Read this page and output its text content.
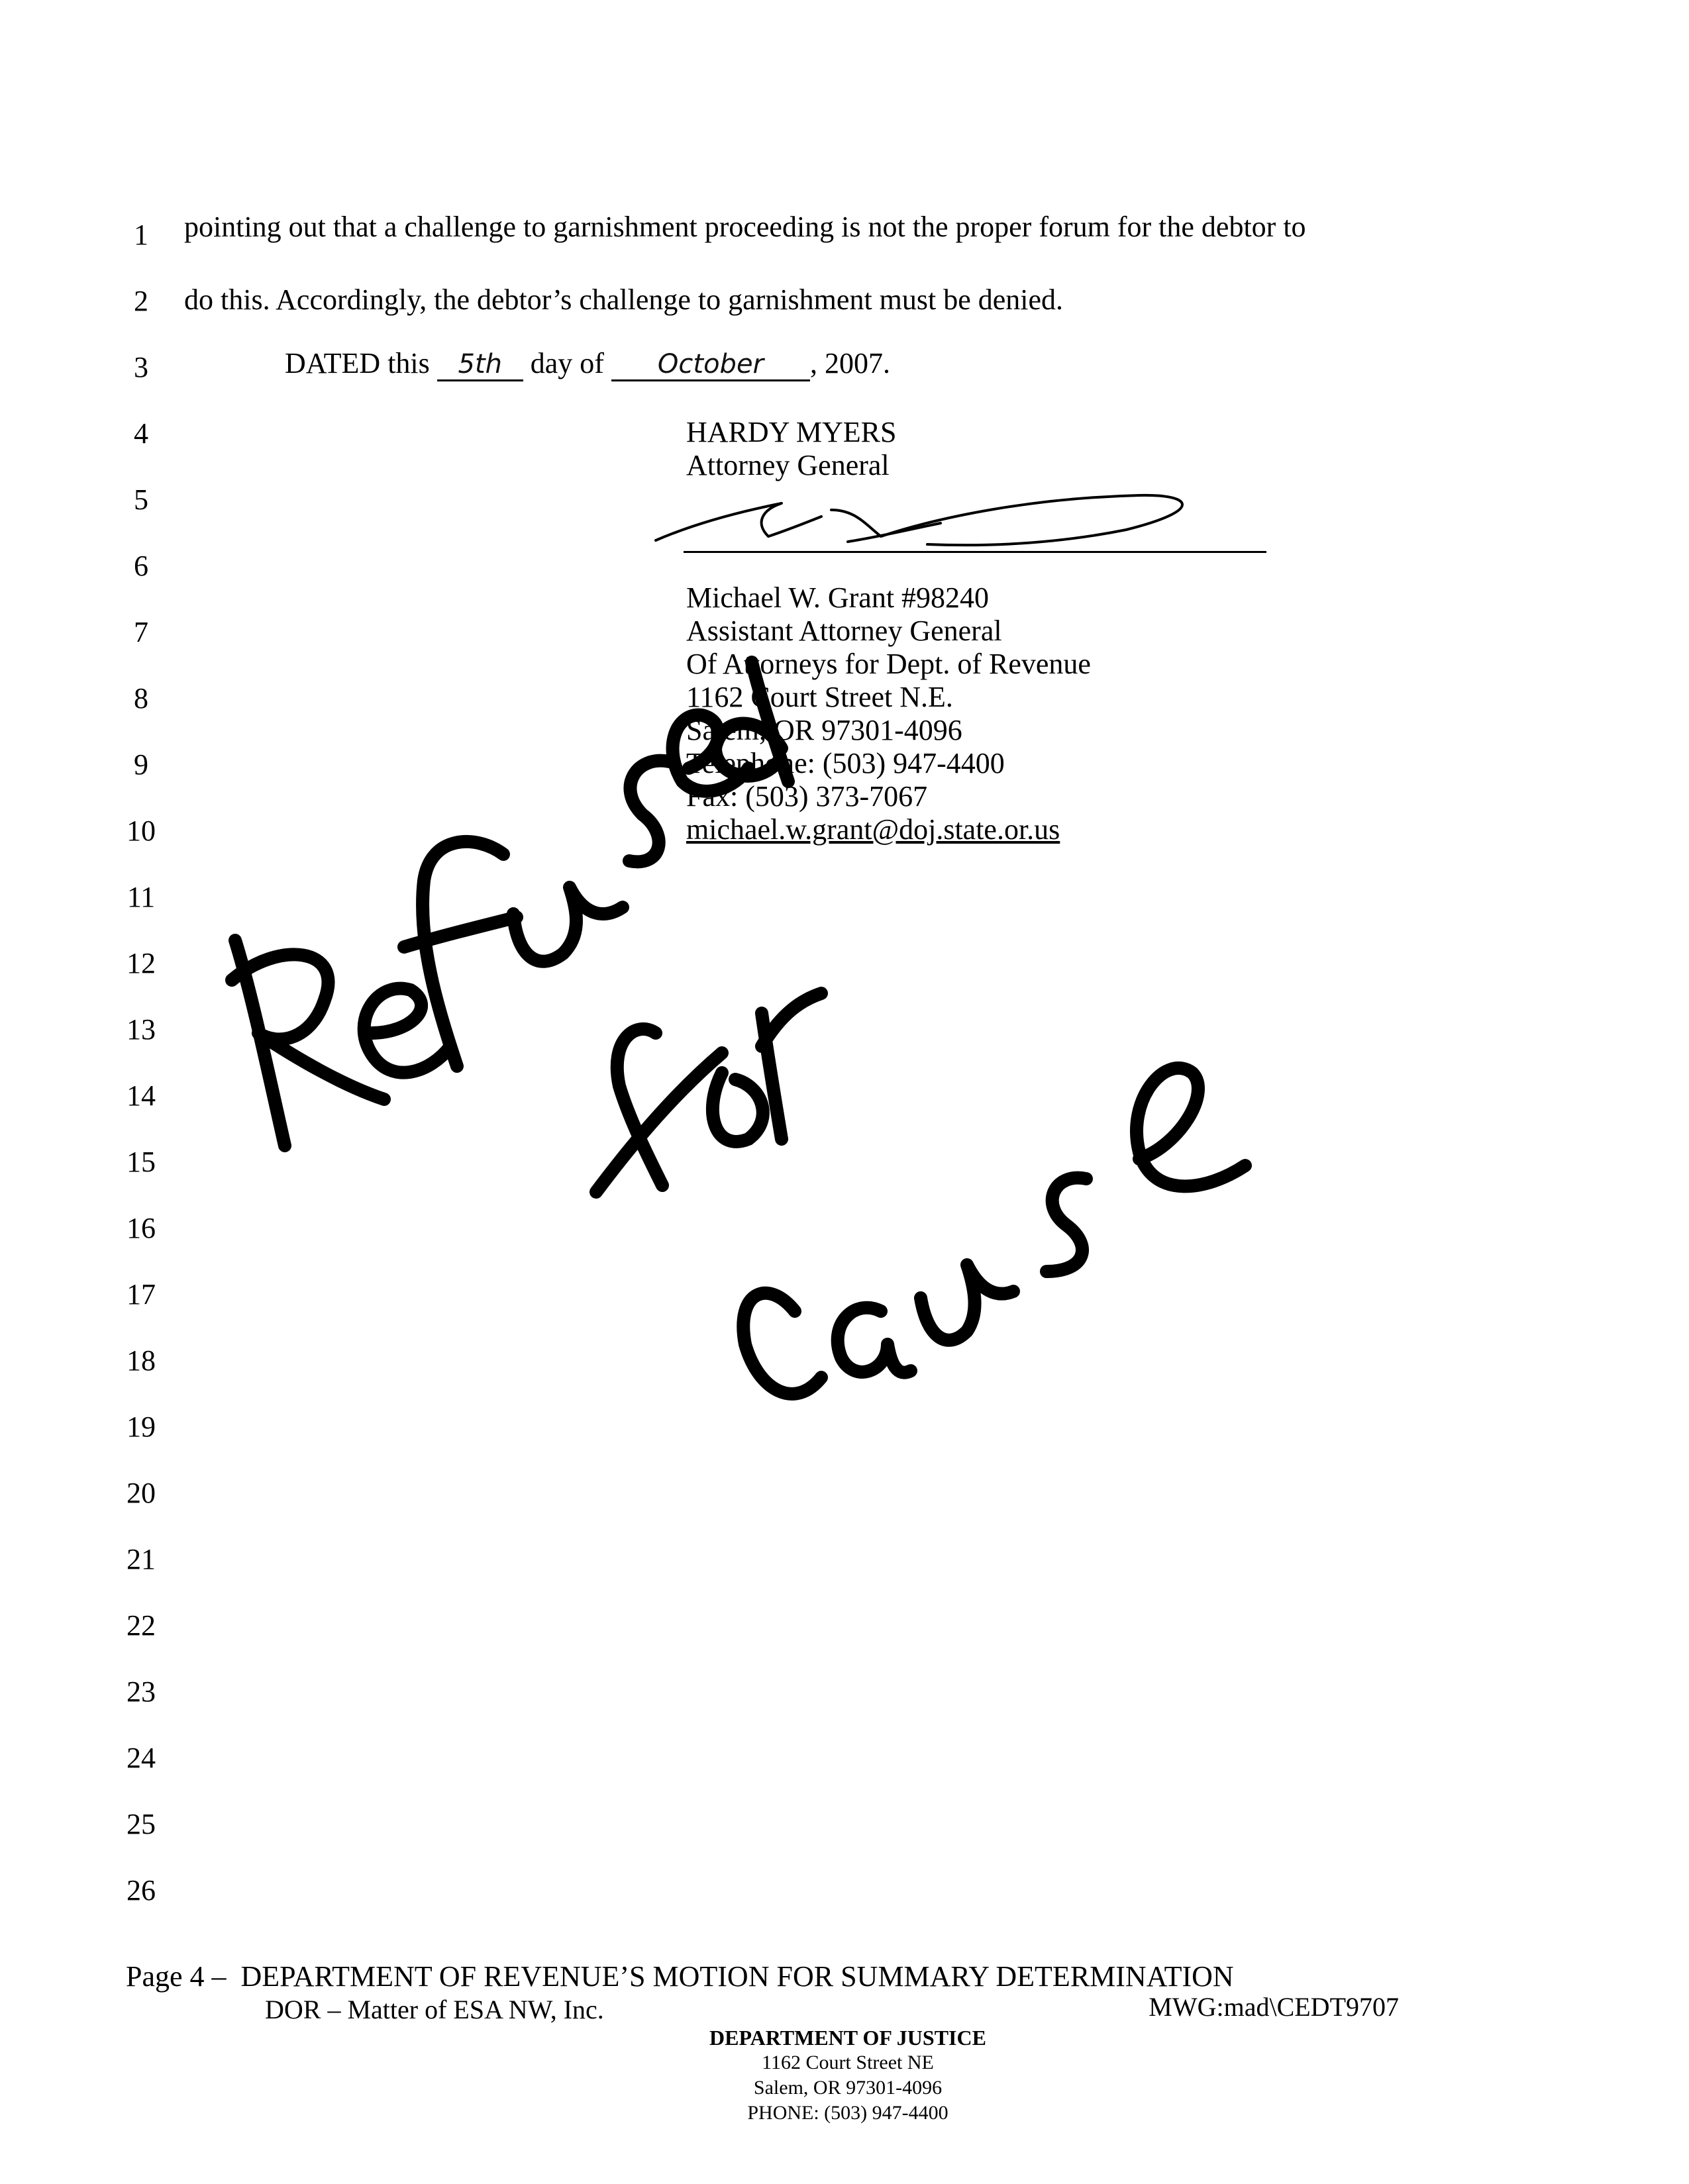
1
2
3
4
5
6
7
8
9
10
11
12
13
14
15
16
17
18
19
20
21
22
23
24
25
26
pointing out that a challenge to garnishment proceeding is not the proper forum for the debtor to
do this. Accordingly, the debtor’s challenge to garnishment must be denied.
DATED this 5th day of October , 2007.
HARDY MYERS
Attorney General
Michael W. Grant #98240
Assistant Attorney General
Of Attorneys for Dept. of Revenue
1162 Court Street N.E.
Salem, OR 97301-4096
Telephone: (503) 947-4400
Fax: (503) 373-7067
michael.w.grant@doj.state.or.us
Page 4 – DEPARTMENT OF REVENUE’S MOTION FOR SUMMARY DETERMINATION
DOR – Matter of ESA NW, Inc.	MWG:mad\CEDT9707
DEPARTMENT OF JUSTICE
1162 Court Street NE
Salem, OR 97301-4096
PHONE: (503) 947-4400
